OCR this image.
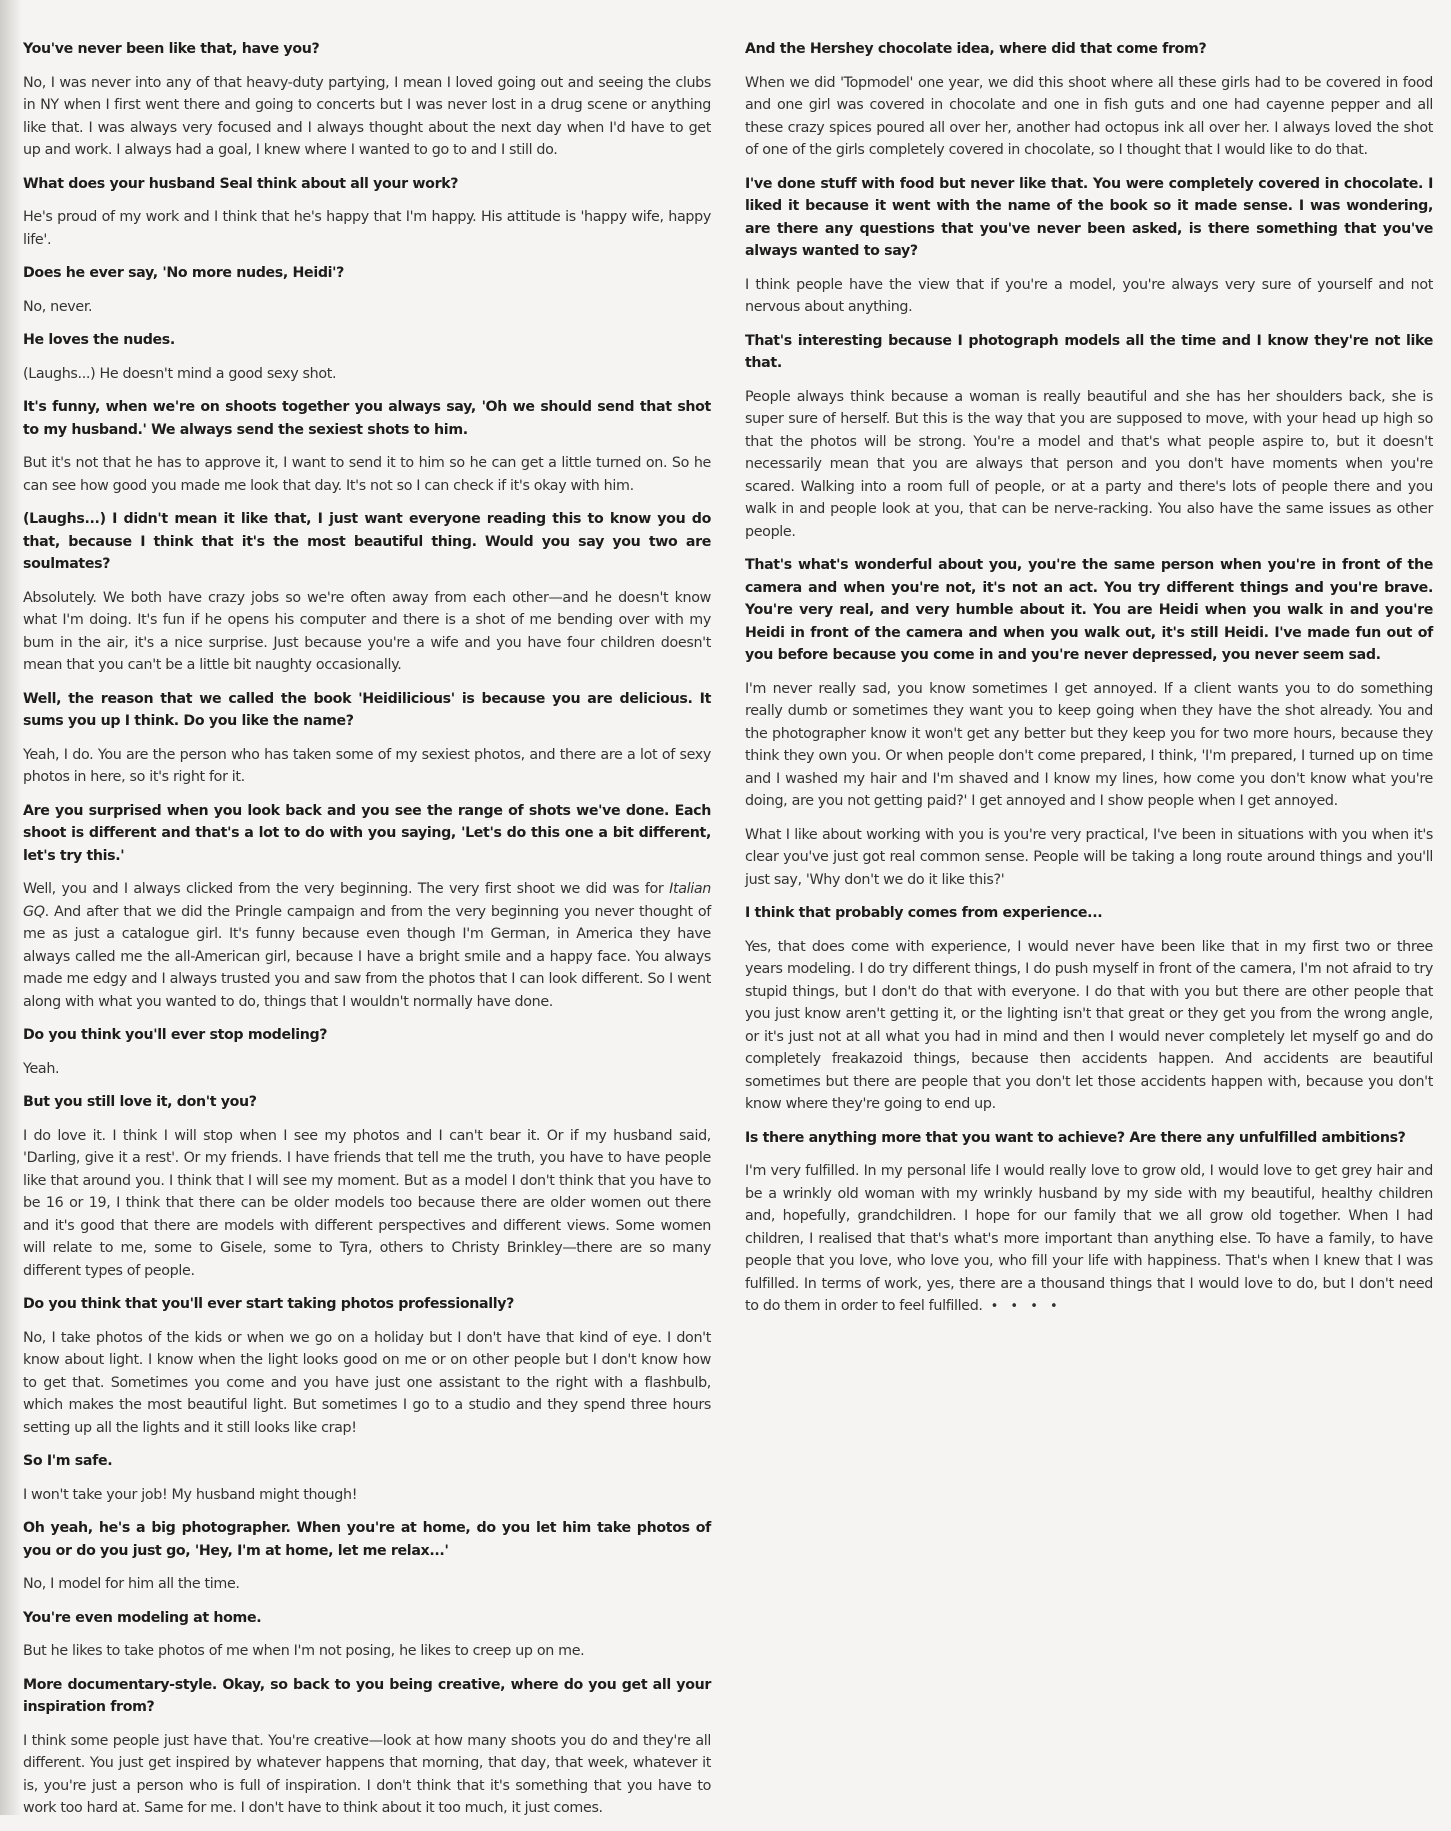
You've never been like that, have you?

No, I was never into any of that heavy-duty partying, I mean I loved going out and seeing the clubs in NY when I first went there and going to concerts but I was never lost in a drug scene or anything like that. I was always very focused and I always thought about the next day when I'd have to get up and work. I always had a goal, I knew where I wanted to go to and I still do.

What does your husband Seal think about all your work?

He's proud of my work and I think that he's happy that I'm happy. His attitude is 'happy wife, happy life'.

Does he ever say, 'No more nudes, Heidi'?

No, never.

He loves the nudes.

(Laughs...) He doesn't mind a good sexy shot.

It's funny, when we're on shoots together you always say, 'Oh we should send that shot to my husband.' We always send the sexiest shots to him.

But it's not that he has to approve it, I want to send it to him so he can get a little turned on. So he can see how good you made me look that day. It's not so I can check if it's okay with him.

(Laughs...) I didn't mean it like that, I just want everyone reading this to know you do that, because I think that it's the most beautiful thing. Would you say you two are soulmates?

Absolutely. We both have crazy jobs so we're often away from each other—and he doesn't know what I'm doing. It's fun if he opens his computer and there is a shot of me bending over with my bum in the air, it's a nice surprise. Just because you're a wife and you have four children doesn't mean that you can't be a little bit naughty occasionally.

Well, the reason that we called the book 'Heidilicious' is because you are delicious. It sums you up I think. Do you like the name?

Yeah, I do. You are the person who has taken some of my sexiest photos, and there are a lot of sexy photos in here, so it's right for it.

Are you surprised when you look back and you see the range of shots we've done. Each shoot is different and that's a lot to do with you saying, 'Let's do this one a bit different, let's try this.'

Well, you and I always clicked from the very beginning. The very first shoot we did was for Italian GQ. And after that we did the Pringle campaign and from the very beginning you never thought of me as just a catalogue girl. It's funny because even though I'm German, in America they have always called me the all-American girl, because I have a bright smile and a happy face. You always made me edgy and I always trusted you and saw from the photos that I can look different. So I went along with what you wanted to do, things that I wouldn't normally have done.

Do you think you'll ever stop modeling?

Yeah.

But you still love it, don't you?

I do love it. I think I will stop when I see my photos and I can't bear it. Or if my husband said, 'Darling, give it a rest'. Or my friends. I have friends that tell me the truth, you have to have people like that around you. I think that I will see my moment. But as a model I don't think that you have to be 16 or 19, I think that there can be older models too because there are older women out there and it's good that there are models with different perspectives and different views. Some women will relate to me, some to Gisele, some to Tyra, others to Christy Brinkley—there are so many different types of people.

Do you think that you'll ever start taking photos professionally?

No, I take photos of the kids or when we go on a holiday but I don't have that kind of eye. I don't know about light. I know when the light looks good on me or on other people but I don't know how to get that. Sometimes you come and you have just one assistant to the right with a flashbulb, which makes the most beautiful light. But sometimes I go to a studio and they spend three hours setting up all the lights and it still looks like crap!

So I'm safe.

I won't take your job! My husband might though!

Oh yeah, he's a big photographer. When you're at home, do you let him take photos of you or do you just go, 'Hey, I'm at home, let me relax...'

No, I model for him all the time.

You're even modeling at home.

But he likes to take photos of me when I'm not posing, he likes to creep up on me.

More documentary-style. Okay, so back to you being creative, where do you get all your inspiration from?

I think some people just have that. You're creative—look at how many shoots you do and they're all different. You just get inspired by whatever happens that morning, that day, that week, whatever it is, you're just a person who is full of inspiration. I don't think that it's something that you have to work too hard at. Same for me. I don't have to think about it too much, it just comes.

And the Hershey chocolate idea, where did that come from?

When we did 'Topmodel' one year, we did this shoot where all these girls had to be covered in food and one girl was covered in chocolate and one in fish guts and one had cayenne pepper and all these crazy spices poured all over her, another had octopus ink all over her. I always loved the shot of one of the girls completely covered in chocolate, so I thought that I would like to do that.

I've done stuff with food but never like that. You were completely covered in chocolate. I liked it because it went with the name of the book so it made sense. I was wondering, are there any questions that you've never been asked, is there something that you've always wanted to say?

I think people have the view that if you're a model, you're always very sure of yourself and not nervous about anything.

That's interesting because I photograph models all the time and I know they're not like that.

People always think because a woman is really beautiful and she has her shoulders back, she is super sure of herself. But this is the way that you are supposed to move, with your head up high so that the photos will be strong. You're a model and that's what people aspire to, but it doesn't necessarily mean that you are always that person and you don't have moments when you're scared. Walking into a room full of people, or at a party and there's lots of people there and you walk in and people look at you, that can be nerve-racking. You also have the same issues as other people.

That's what's wonderful about you, you're the same person when you're in front of the camera and when you're not, it's not an act. You try different things and you're brave. You're very real, and very humble about it. You are Heidi when you walk in and you're Heidi in front of the camera and when you walk out, it's still Heidi. I've made fun out of you before because you come in and you're never depressed, you never seem sad.

I'm never really sad, you know sometimes I get annoyed. If a client wants you to do something really dumb or sometimes they want you to keep going when they have the shot already. You and the photographer know it won't get any better but they keep you for two more hours, because they think they own you. Or when people don't come prepared, I think, 'I'm prepared, I turned up on time and I washed my hair and I'm shaved and I know my lines, how come you don't know what you're doing, are you not getting paid?' I get annoyed and I show people when I get annoyed.

What I like about working with you is you're very practical, I've been in situations with you when it's clear you've just got real common sense. People will be taking a long route around things and you'll just say, 'Why don't we do it like this?'

I think that probably comes from experience...

Yes, that does come with experience, I would never have been like that in my first two or three years modeling. I do try different things, I do push myself in front of the camera, I'm not afraid to try stupid things, but I don't do that with everyone. I do that with you but there are other people that you just know aren't getting it, or the lighting isn't that great or they get you from the wrong angle, or it's just not at all what you had in mind and then I would never completely let myself go and do completely freakazoid things, because then accidents happen. And accidents are beautiful sometimes but there are people that you don't let those accidents happen with, because you don't know where they're going to end up.

Is there anything more that you want to achieve? Are there any unfulfilled ambitions?

I'm very fulfilled. In my personal life I would really love to grow old, I would love to get grey hair and be a wrinkly old woman with my wrinkly husband by my side with my beautiful, healthy children and, hopefully, grandchildren. I hope for our family that we all grow old together. When I had children, I realised that that's what's more important than anything else. To have a family, to have people that you love, who love you, who fill your life with happiness. That's when I knew that I was fulfilled. In terms of work, yes, there are a thousand things that I would love to do, but I don't need to do them in order to feel fulfilled. • • • •
